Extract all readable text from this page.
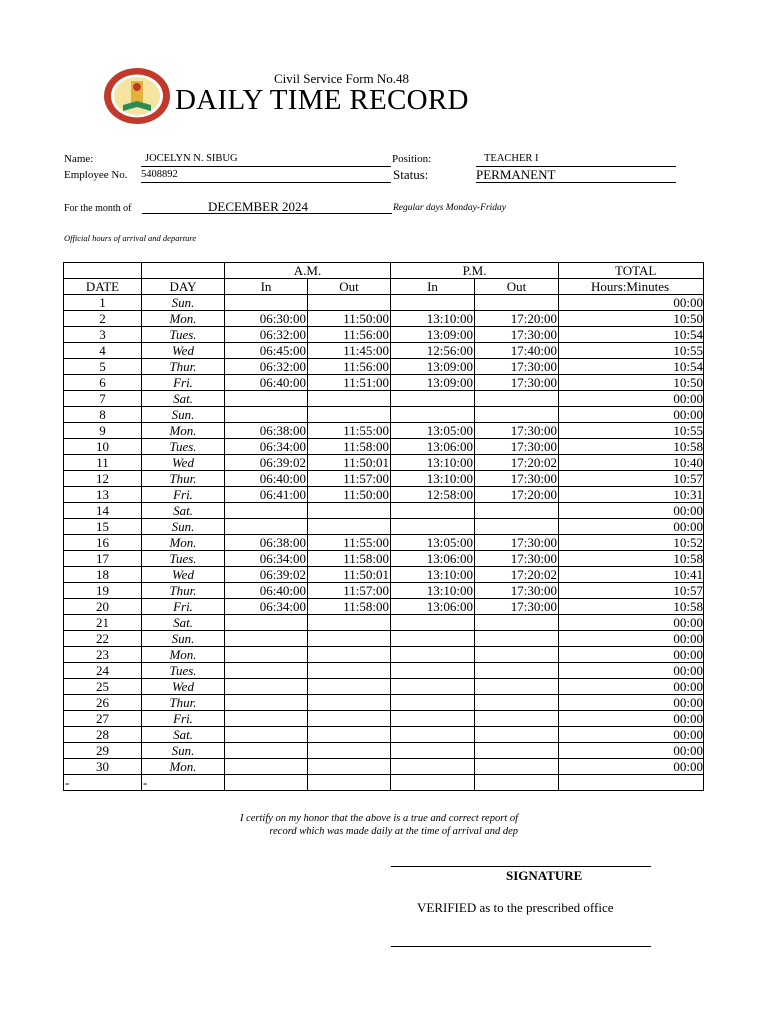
Civil Service Form No.48
DAILY TIME RECORD
Name:	JOCELYN N. SIBUG	Position:	TEACHER I
Employee No. 5408892	Status:	PERMANENT
For the month of	DECEMBER 2024	Regular days Monday-Friday
Official hours of arrival and departure
		A.M.		P.M.		TOTAL
DATE	DAY	In	Out	In	Out	Hours:Minutes
1	Sun.					00:00
2	Mon.	06:30:00	11:50:00	13:10:00	17:20:00	10:50
3	Tues.	06:32:00	11:56:00	13:09:00	17:30:00	10:54
4	Wed	06:45:00	11:45:00	12:56:00	17:40:00	10:55
5	Thur.	06:32:00	11:56:00	13:09:00	17:30:00	10:54
6	Fri.	06:40:00	11:51:00	13:09:00	17:30:00	10:50
7	Sat.					00:00
8	Sun.					00:00
9	Mon.	06:38:00	11:55:00	13:05:00	17:30:00	10:55
10	Tues.	06:34:00	11:58:00	13:06:00	17:30:00	10:58
11	Wed	06:39:02	11:50:01	13:10:00	17:20:02	10:40
12	Thur.	06:40:00	11:57:00	13:10:00	17:30:00	10:57
13	Fri.	06:41:00	11:50:00	12:58:00	17:20:00	10:31
14	Sat.					00:00
15	Sun.					00:00
16	Mon.	06:38:00	11:55:00	13:05:00	17:30:00	10:52
17	Tues.	06:34:00	11:58:00	13:06:00	17:30:00	10:58
18	Wed	06:39:02	11:50:01	13:10:00	17:20:02	10:41
19	Thur.	06:40:00	11:57:00	13:10:00	17:30:00	10:57
20	Fri.	06:34:00	11:58:00	13:06:00	17:30:00	10:58
21	Sat.					00:00
22	Sun.					00:00
23	Mon.					00:00
24	Tues.					00:00
25	Wed					00:00
26	Thur.					00:00
27	Fri.					00:00
28	Sat.					00:00
29	Sun.					00:00
30	Mon.					00:00
-	-					
I certify on my honor that the above is a true and correct report of
record which was made daily at the time of arrival and dep
SIGNATURE
VERIFIED as to the prescribed office
